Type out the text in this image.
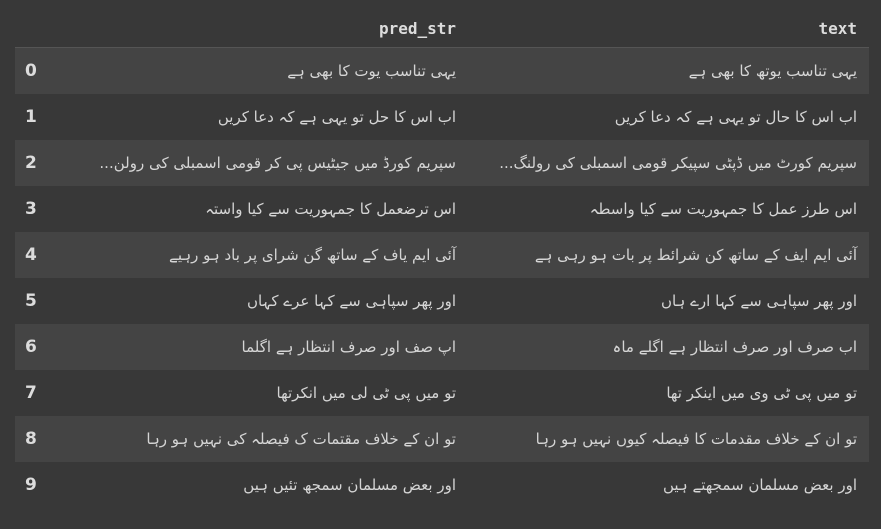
	pred_str	text
0	یہی تناسب یوت کا بھی ہے	یہی تناسب یوتھ کا بھی ہے
1	اب اس کا حل تو یہی ہے کہ دعا کریں	اب اس کا حال تو یہی ہے کہ دعا کریں
2	سپریم کورڈ میں جیٹیس پی کر قومی اسمبلی کی رولن...	سپریم کورٹ میں ڈپٹی سپیکر قومی اسمبلی کی رولنگ...
3	اس ترضعمل کا جمہوریت سے کیا واستہ	اس طرز عمل کا جمہوریت سے کیا واسطہ
4	آئی ایم یاف کے ساتھ گن شرای پر باد ہو رہیے	آئی ایم ایف کے ساتھ کن شرائط پر بات ہو رہی ہے
5	اور پھر سپاہی سے کہا عرے کہاں	اور پھر سپاہی سے کہا ارے ہاں
6	اپ صف اور صرف انتظار ہے اگلما	اب صرف اور صرف انتظار ہے اگلے ماہ
7	تو میں پی ٹی لی میں انکرتھا	تو میں پی ٹی وی میں اینکر تھا
8	تو ان کے خلاف مقتمات ک فیصلہ کی نہیں ہو رہا	تو ان کے خلاف مقدمات کا فیصلہ کیوں نہیں ہو رہا
9	اور بعض مسلمان سمجھ تئیں ہیں	اور بعض مسلمان سمجھتے ہیں
